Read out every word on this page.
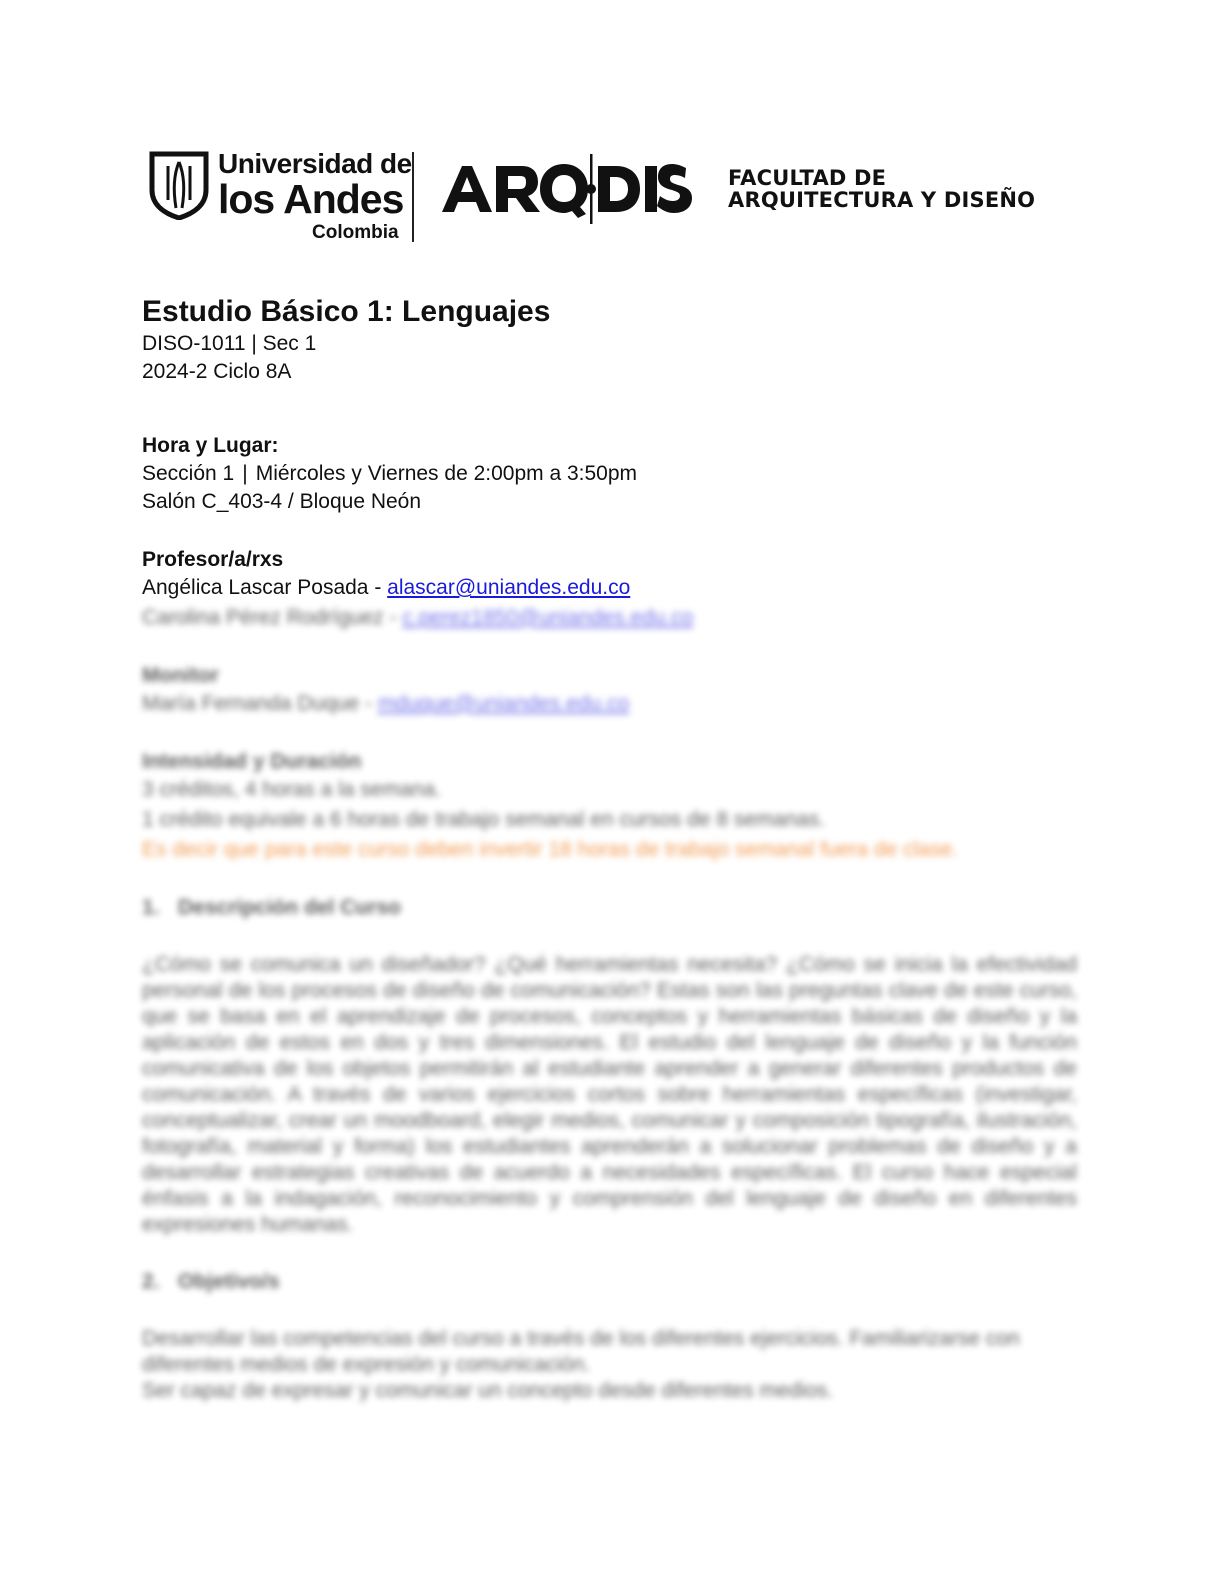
Universidad de
los Andes
Colombia
FACULTAD DE
ARQUITECTURA Y DISEÑO
Estudio Básico 1: Lenguajes

DISO-1011 | Sec 1

2024-2 Ciclo 8A

Hora y Lugar:

Sección 1 | Miércoles y Viernes de 2:00pm a 3:50pm

Salón C_403-4 / Bloque Neón

Profesor/a/rxs

Angélica Lascar Posada - alascar@uniandes.edu.co

Carolina Pérez Rodríguez - c.perez1850@uniandes.edu.co

Monitor

María Fernanda Duque - mduque@uniandes.edu.co

Intensidad y Duración

3 créditos, 4 horas a la semana.

1 crédito equivale a 6 horas de trabajo semanal en cursos de 8 semanas.

Es decir que para este curso deben invertir 18 horas de trabajo semanal fuera de clase.

1. Descripción del Curso

¿Cómo se comunica un diseñador? ¿Qué herramientas necesita? ¿Cómo se inicia la efectividad personal de los procesos de diseño de comunicación? Estas son las preguntas clave de este curso, que se basa en el aprendizaje de procesos, conceptos y herramientas básicas de diseño y la aplicación de estos en dos y tres dimensiones. El estudio del lenguaje de diseño y la función comunicativa de los objetos permitirán al estudiante aprender a generar diferentes productos de comunicación. A través de varios ejercicios cortos sobre herramientas específicas (investigar, conceptualizar, crear un moodboard, elegir medios, comunicar y composición tipografía, ilustración, fotografía, material y forma) los estudiantes aprenderán a solucionar problemas de diseño y a desarrollar estrategias creativas de acuerdo a necesidades específicas. El curso hace especial énfasis a la indagación, reconocimiento y comprensión del lenguaje de diseño en diferentes expresiones humanas.

2. Objetivo/s

Desarrollar las competencias del curso a través de los diferentes ejercicios. Familiarizarse con

diferentes medios de expresión y comunicación.

Ser capaz de expresar y comunicar un concepto desde diferentes medios.
